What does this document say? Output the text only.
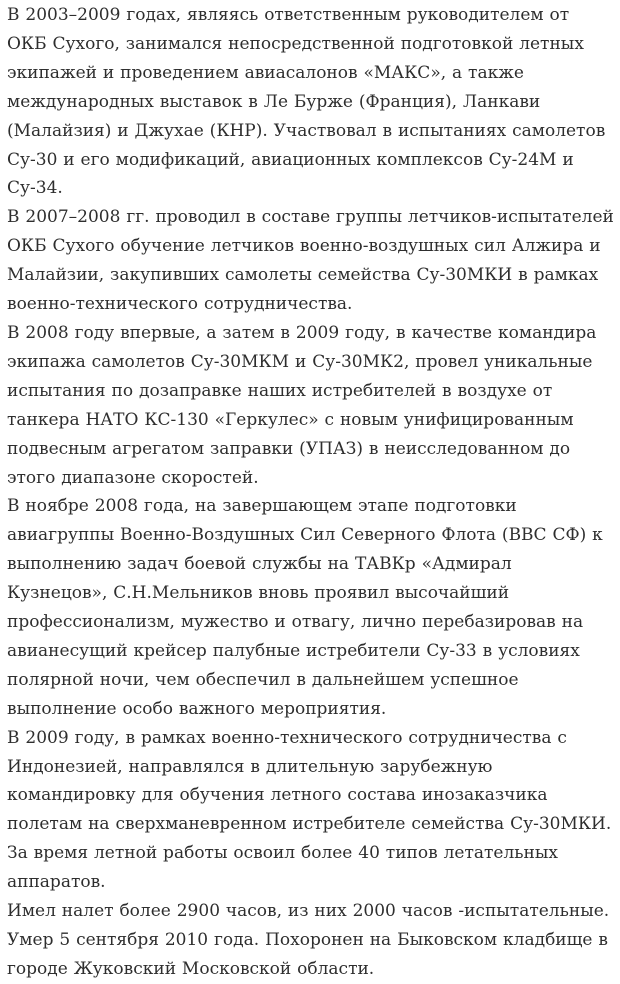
В 2003–2009 годах, являясь ответственным руководителем от ОКБ Сухого, занимался непосредственной подготовкой летных экипажей и проведением авиасалонов «МАКС», а также международных выставок в Ле Бурже (Франция), Ланкави (Малайзия) и Джухае (КНР). Участвовал в испытаниях самолетов Су-30 и его модификаций, авиационных комплексов Су-24М и Су-34.

В 2007–2008 гг. проводил в составе группы летчиков-испытателей ОКБ Сухого обучение летчиков военно-воздушных сил Алжира и Малайзии, закупивших самолеты семейства Су-30МКИ в рамках военно-технического сотрудничества.

В 2008 году впервые, а затем в 2009 году, в качестве командира экипажа самолетов Су-30МКМ и Су-30МК2, провел уникальные испытания по дозаправке наших истребителей в воздухе от танкера НАТО КС-130 «Геркулес» с новым унифицированным подвесным агрегатом заправки (УПАЗ) в неисследованном до этого диапазоне скоростей.

В ноябре 2008 года, на завершающем этапе подготовки авиагруппы Военно-Воздушных Сил Северного Флота (ВВС СФ) к выполнению задач боевой службы на ТАВКр «Адмирал Кузнецов», С.Н.Мельников вновь проявил высочайший профессионализм, мужество и отвагу, лично перебазировав на авианесущий крейсер палубные истребители Су-33 в условиях полярной ночи, чем обеспечил в дальнейшем успешное выполнение особо важного мероприятия.

В 2009 году, в рамках военно-технического сотрудничества с Индонезией, направлялся в длительную зарубежную командировку для обучения летного состава инозаказчика полетам на сверхманевренном истребителе семейства Су-30МКИ.

За время летной работы освоил более 40 типов летательных аппаратов.

Имел налет более 2900 часов, из них 2000 часов -испытательные.

Умер 5 сентября 2010 года. Похоронен на Быковском кладбище в городе Жуковский Московской области.
